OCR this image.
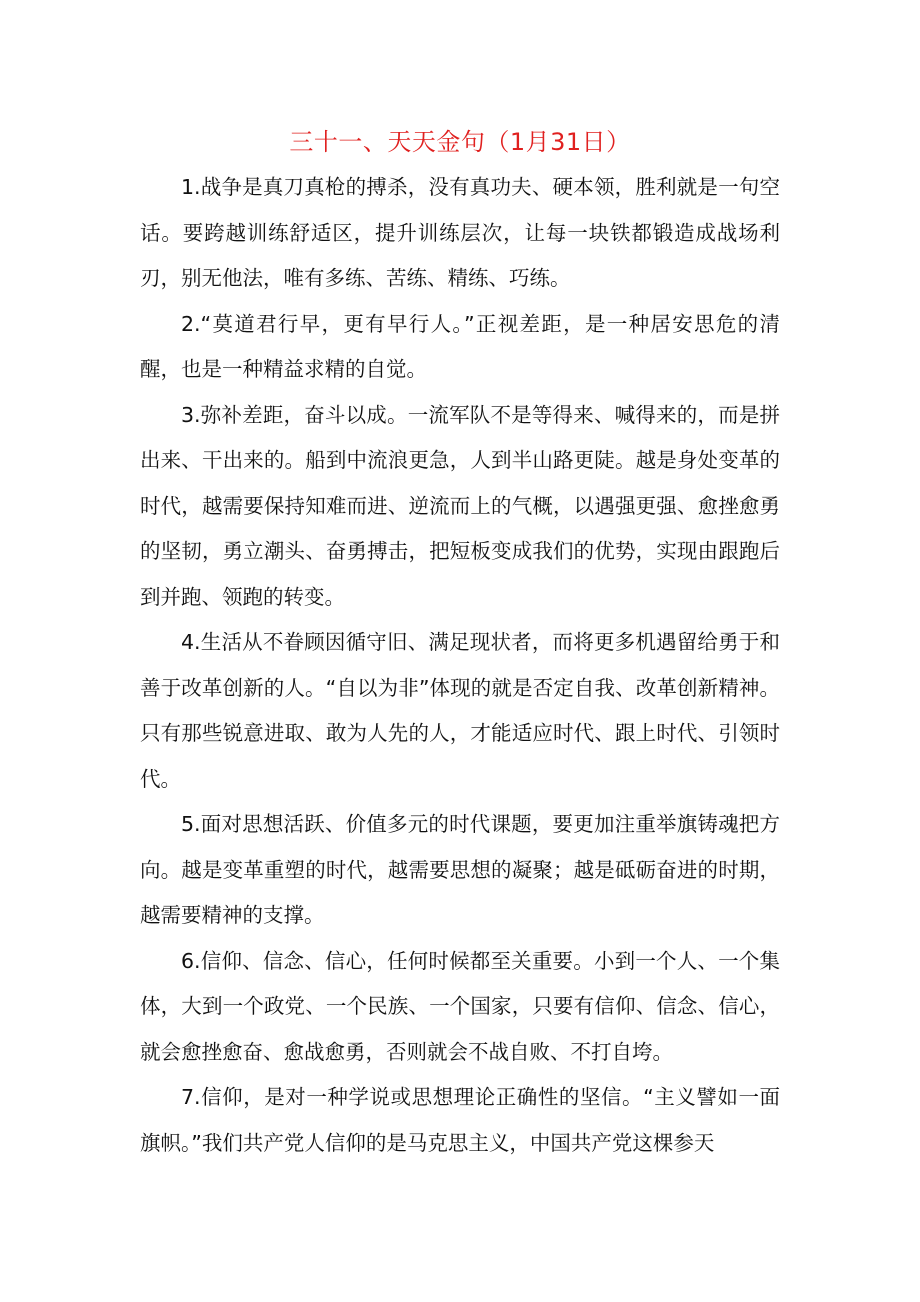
三十一、天天金句（1月31日）

1.战争是真刀真枪的搏杀，没有真功夫、硬本领，胜利就是一句空话。要跨越训练舒适区，提升训练层次，让每一块铁都锻造成战场利刃，别无他法，唯有多练、苦练、精练、巧练。

2.“莫道君行早，更有早行人。”正视差距，是一种居安思危的清醒，也是一种精益求精的自觉。

3.弥补差距，奋斗以成。一流军队不是等得来、喊得来的，而是拼出来、干出来的。船到中流浪更急，人到半山路更陡。越是身处变革的时代，越需要保持知难而进、逆流而上的气概，以遇强更强、愈挫愈勇的坚韧，勇立潮头、奋勇搏击，把短板变成我们的优势，实现由跟跑后到并跑、领跑的转变。

4.生活从不眷顾因循守旧、满足现状者，而将更多机遇留给勇于和善于改革创新的人。“自以为非”体现的就是否定自我、改革创新精神。只有那些锐意进取、敢为人先的人，才能适应时代、跟上时代、引领时代。

5.面对思想活跃、价值多元的时代课题，要更加注重举旗铸魂把方向。越是变革重塑的时代，越需要思想的凝聚；越是砥砺奋进的时期，越需要精神的支撑。

6.信仰、信念、信心，任何时候都至关重要。小到一个人、一个集体，大到一个政党、一个民族、一个国家，只要有信仰、信念、信心，就会愈挫愈奋、愈战愈勇，否则就会不战自败、不打自垮。

7.信仰，是对一种学说或思想理论正确性的坚信。“主义譬如一面旗帜。”我们共产党人信仰的是马克思主义，中国共产党这棵参天
